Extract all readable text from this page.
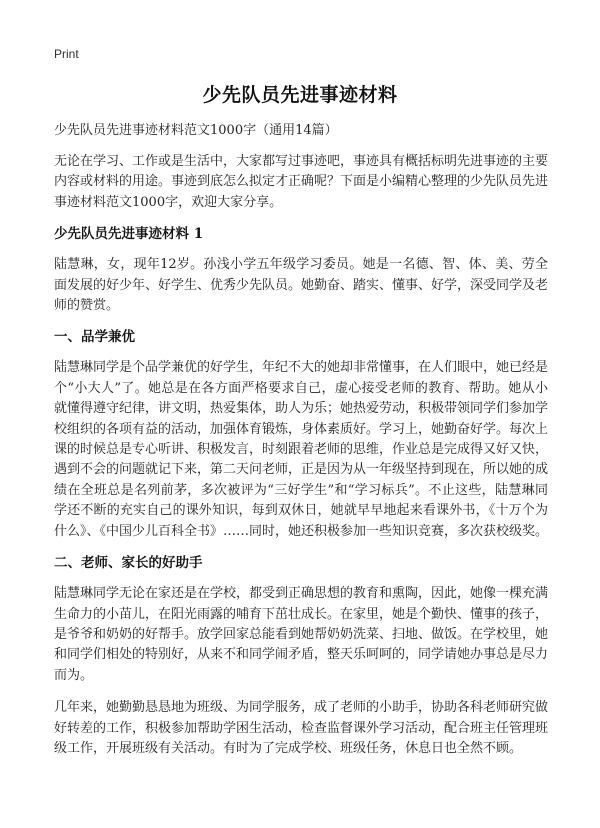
Print
少先队员先进事迹材料
少先队员先进事迹材料范文1000字（通用14篇）

无论在学习、工作或是生活中，大家都写过事迹吧，事迹具有概括标明先进事迹的主要内容或材料的用途。事迹到底怎么拟定才正确呢？下面是小编精心整理的少先队员先进事迹材料范文1000字，欢迎大家分享。

少先队员先进事迹材料 1

陆慧琳，女，现年12岁。孙浅小学五年级学习委员。她是一名德、智、体、美、劳全面发展的好少年、好学生、优秀少先队员。她勤奋、踏实、懂事、好学，深受同学及老师的赞赏。

一、品学兼优

陆慧琳同学是个品学兼优的好学生，年纪不大的她却非常懂事，在人们眼中，她已经是个“小大人”了。她总是在各方面严格要求自己，虚心接受老师的教育、帮助。她从小就懂得遵守纪律，讲文明，热爱集体，助人为乐；她热爱劳动，积极带领同学们参加学校组织的各项有益的活动，加强体育锻炼，身体素质好。学习上，她勤奋好学。每次上课的时候总是专心听讲、积极发言，时刻跟着老师的思维，作业总是完成得又好又快，遇到不会的问题就记下来，第二天问老师，正是因为从一年级坚持到现在，所以她的成绩在全班总是名列前茅，多次被评为“三好学生”和“学习标兵”。不止这些，陆慧琳同学还不断的充实自己的课外知识，每到双休日，她就早早地起来看课外书，《十万个为什么》、《中国少儿百科全书》……同时，她还积极参加一些知识竞赛，多次获校级奖。

二、老师、家长的好助手

陆慧琳同学无论在家还是在学校，都受到正确思想的教育和熏陶，因此，她像一棵充满生命力的小苗儿，在阳光雨露的哺育下茁壮成长。在家里，她是个勤快、懂事的孩子，是爷爷和奶奶的好帮手。放学回家总能看到她帮奶奶洗菜、扫地、做饭。在学校里，她和同学们相处的特别好，从来不和同学闹矛盾，整天乐呵呵的，同学请她办事总是尽力而为。

几年来，她勤勤恳恳地为班级、为同学服务，成了老师的小助手，协助各科老师研究做好转差的工作，积极参加帮助学困生活动，检查监督课外学习活动，配合班主任管理班级工作，开展班级有关活动。有时为了完成学校、班级任务，休息日也全然不顾。
